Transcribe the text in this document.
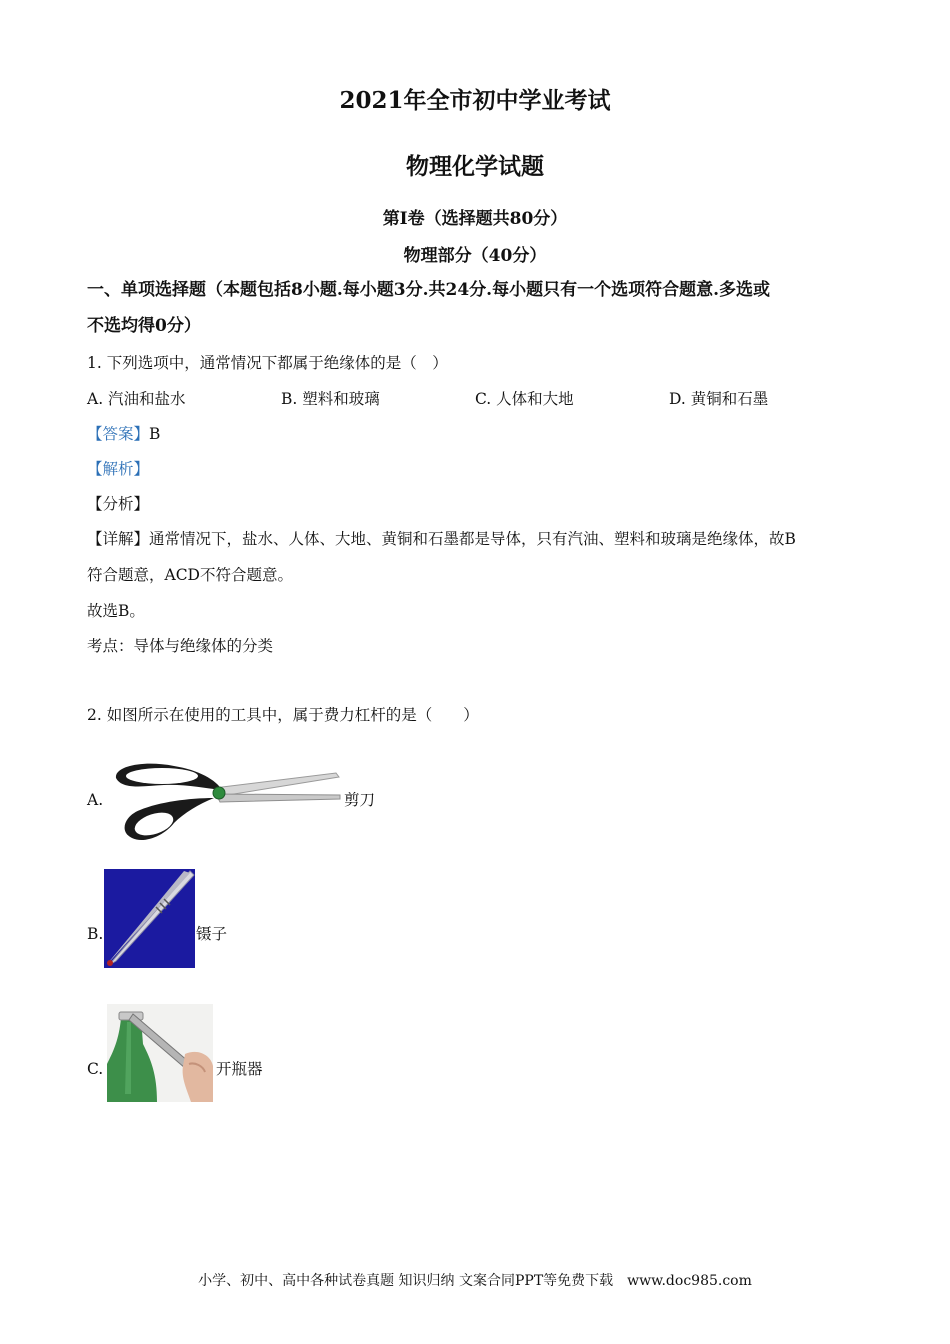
2021年全市初中学业考试
物理化学试题
第Ⅰ卷（选择题共80分）
物理部分（40分）
一、单项选择题（本题包括8小题.每小题3分.共24分.每小题只有一个选项符合题意.多选或
不选均得0分）
1. 下列选项中，通常情况下都属于绝缘体的是（　）
A. 汽油和盐水	B. 塑料和玻璃	C. 人体和大地	D. 黄铜和石墨
【答案】B
【解析】
【分析】
【详解】通常情况下，盐水、人体、大地、黄铜和石墨都是导体，只有汽油、塑料和玻璃是绝缘体，故B
符合题意，ACD不符合题意。
故选B。
考点：导体与绝缘体的分类
2. 如图所示在使用的工具中，属于费力杠杆的是（　　）
A.	剪刀
B.	镊子
C.	开瓶器
小学、初中、高中各种试卷真题 知识归纳 文案合同PPT等免费下载　www.doc985.com
